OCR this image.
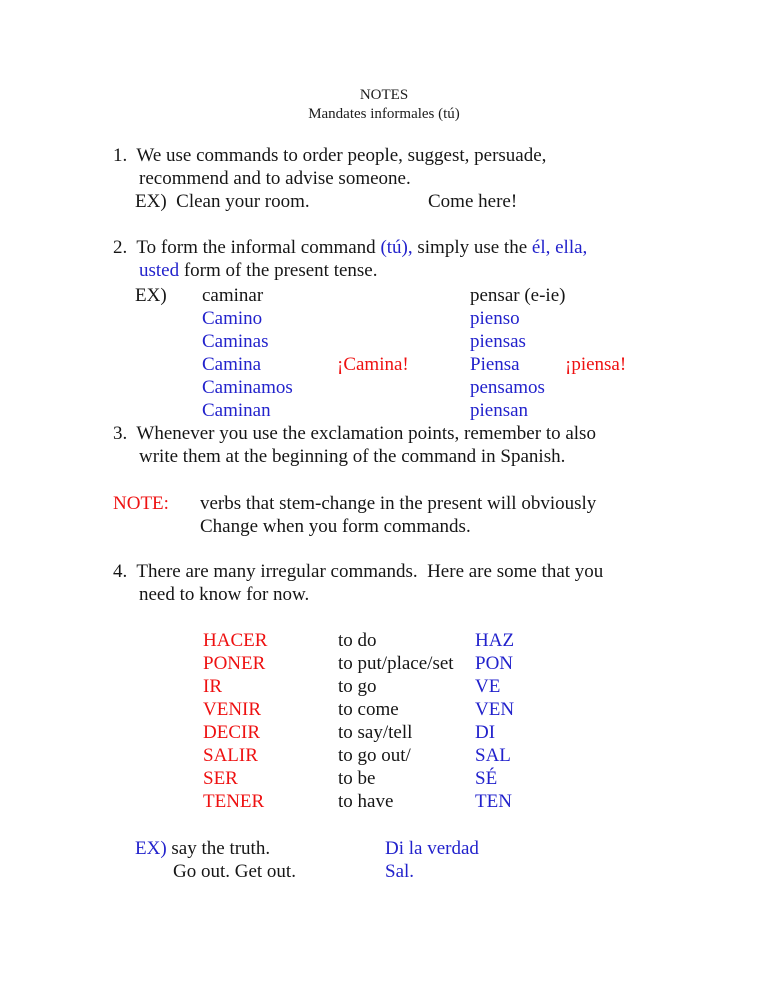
NOTES
Mandates informales (tú)
1.  We use commands to order people, suggest, persuade,
recommend and to advise someone.
EX)  Clean your room.	Come here!
2.  To form the informal command (tú), simply use the él, ella,
usted form of the present tense.
EX) caminar	pensar (e-ie)
Camino	pienso
Caminas	piensas
Camina	¡Camina!	Piensa ¡piensa!
Caminamos	pensamos
Caminan	piensan
3.  Whenever you use the exclamation points, remember to also
write them at the beginning of the command in Spanish.
NOTE: verbs that stem-change in the present will obviously
Change when you form commands.
4.  There are many irregular commands.  Here are some that you
need to know for now.
HACER	to do	HAZ
PONER	to put/place/set PON
IR	to go	VE
VENIR	to come	VEN
DECIR	to say/tell	DI
SALIR	to go out/	SAL
SER	to be	SÉ
TENER	to have	TEN
EX) say the truth.	Di la verdad
Go out. Get out.	Sal.
